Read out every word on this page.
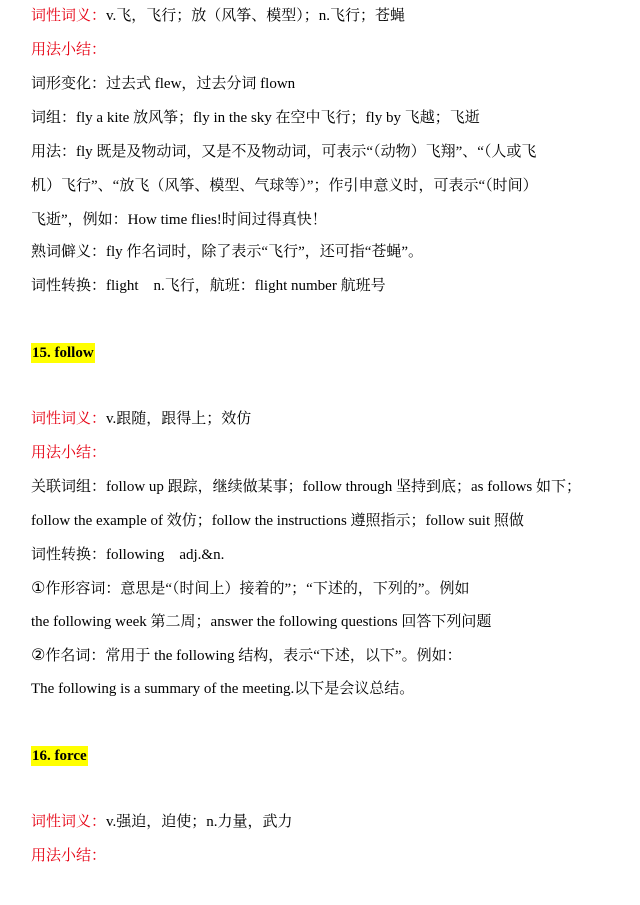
词性词义：v.飞，飞行；放（风筝、模型）；n.飞行；苍蝇
用法小结：
词形变化：过去式 flew，过去分词 flown
词组：fly a kite 放风筝；fly in the sky 在空中飞行；fly by 飞越；飞逝
用法：fly 既是及物动词，又是不及物动词，可表示“（动物）飞翔”、“（人或飞
机）飞行”、“放飞（风筝、模型、气球等）”；作引申意义时，可表示“（时间）
飞逝”，例如：How time flies!时间过得真快！
熟词僻义：fly 作名词时，除了表示“飞行”，还可指“苍蝇”。
词性转换：flight　n.飞行，航班：flight number 航班号
15. follow
词性词义：v.跟随，跟得上；效仿
用法小结：
关联词组：follow up 跟踪，继续做某事；follow through 坚持到底；as follows 如下；
follow the example of 效仿；follow the instructions 遵照指示；follow suit 照做
词性转换：following　adj.&n.
①作形容词：意思是“（时间上）接着的”；“下述的，下列的”。例如
the following week 第二周；answer the following questions 回答下列问题
②作名词：常用于 the following 结构，表示“下述，以下”。例如：
The following is a summary of the meeting.以下是会议总结。
16. force
词性词义：v.强迫，迫使；n.力量，武力
用法小结：
